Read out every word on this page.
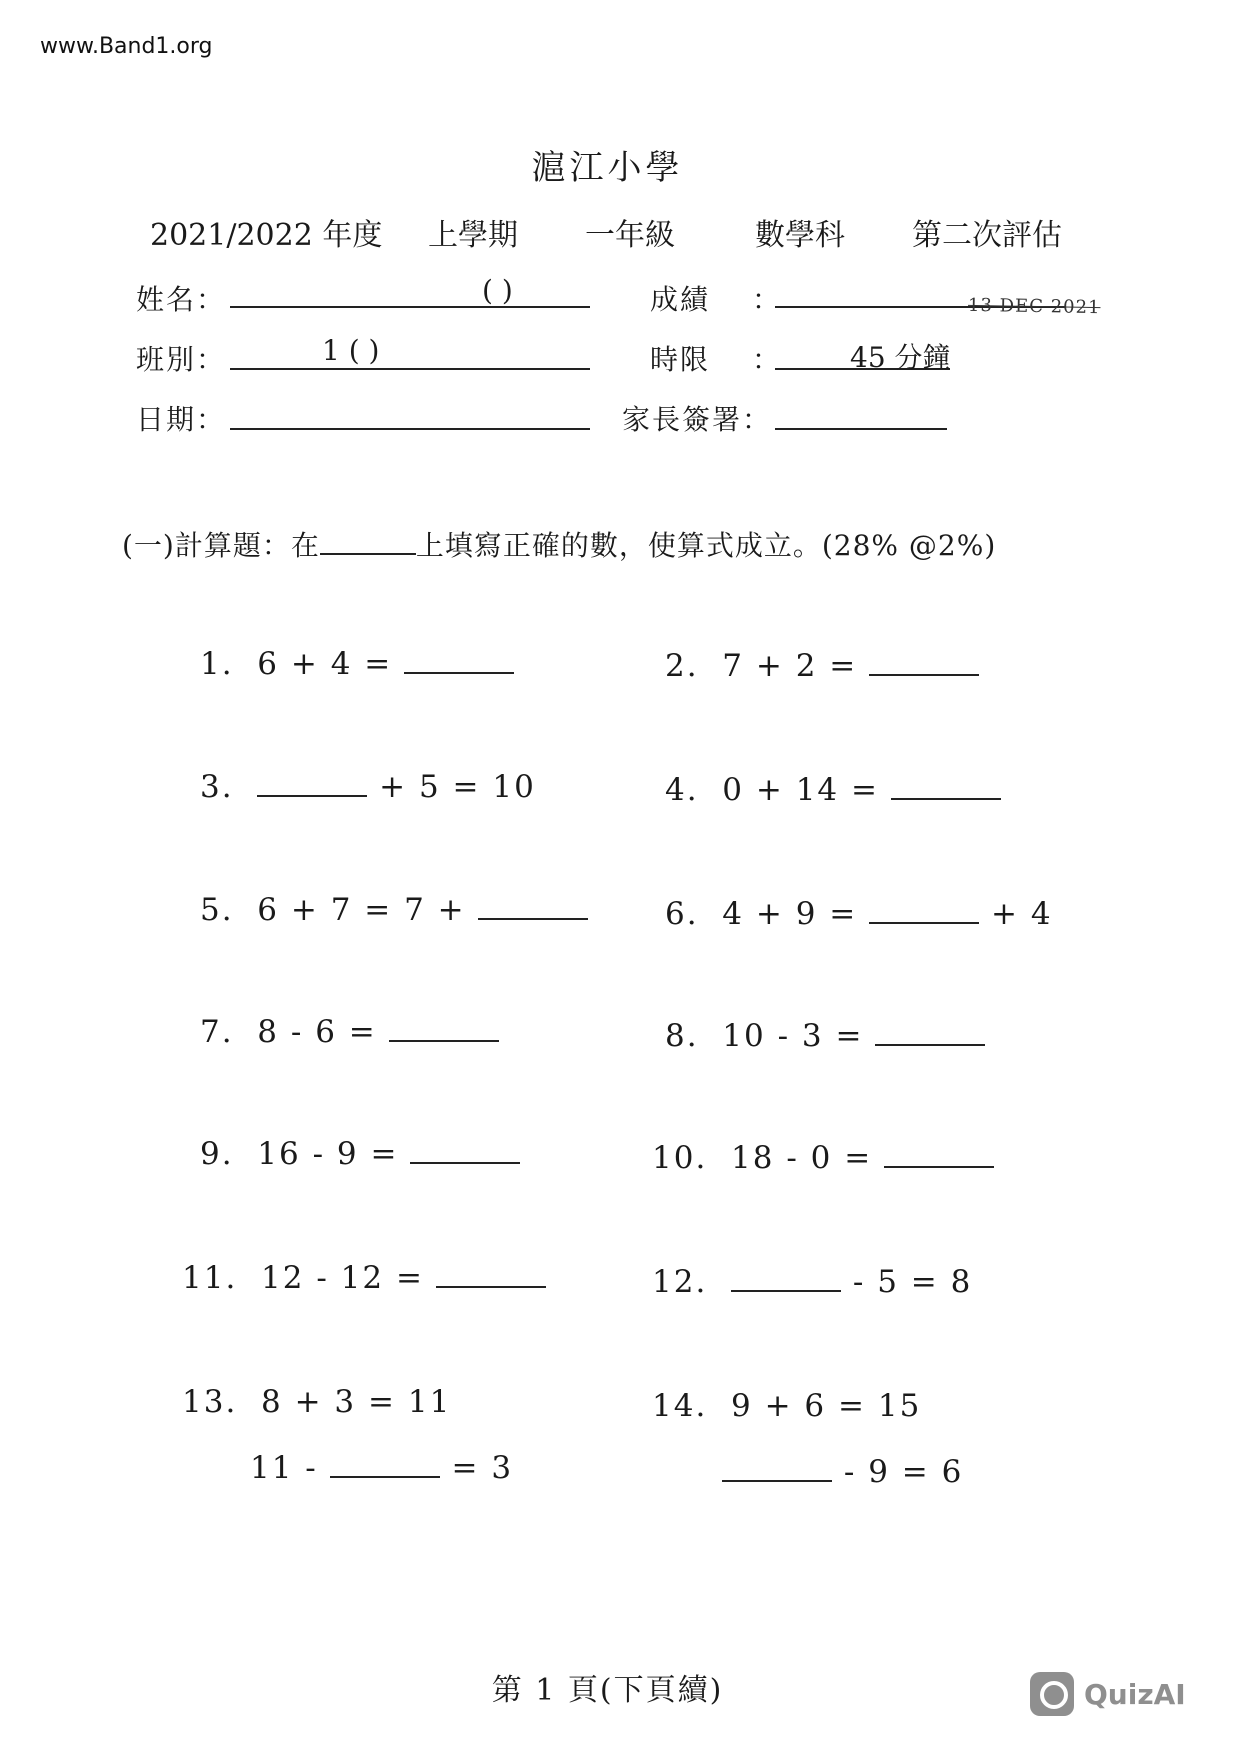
www.Band1.org
滬江小學
2021/2022 年度 上學期 一年級	數學科 第二次評估
姓名：	( )	成績 ：	13 DEC 2021
班別：	1 ( )	時限 ： 45 分鐘
日期：	家長簽署：
(一)計算題：在	上填寫正確的數，使算式成立。(28% @2%)
1. 6 + 4 =
3.	+ 5 = 10
5. 6 + 7 = 7 +
7. 8 - 6 =
9. 16 - 9 =
11. 12 - 12 =
13. 8 + 3 = 11
11 -	= 3
2. 7 + 2 =
4. 0 + 14 =
6. 4 + 9 =	+ 4
8. 10 - 3 =
10. 18 - 0 =
12.	- 5 = 8
14. 9 + 6 = 15
- 9 = 6
第 1 頁(下頁續)	QuizAI
